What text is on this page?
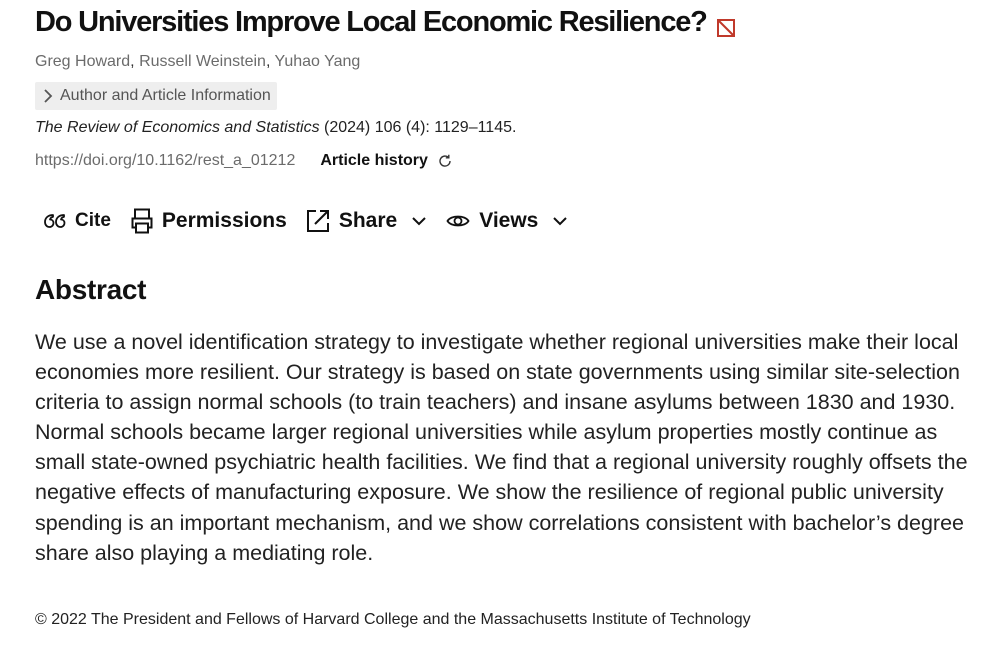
Do Universities Improve Local Economic Resilience?
Greg Howard, Russell Weinstein, Yuhao Yang
Author and Article Information
The Review of Economics and Statistics (2024) 106 (4): 1129–1145.
https://doi.org/10.1162/rest_a_01212 Article history
Cite Permissions Share	Views
Abstract
We use a novel identification strategy to investigate whether regional universities make their local economies more resilient. Our strategy is based on state governments using similar site-selection criteria to assign normal schools (to train teachers) and insane asylums between 1830 and 1930. Normal schools became larger regional universities while asylum properties mostly continue as small state-owned psychiatric health facilities. We find that a regional university roughly offsets the negative effects of manufacturing exposure. We show the resilience of regional public university spending is an important mechanism, and we show correlations consistent with bachelor’s degree share also playing a mediating role.
© 2022 The President and Fellows of Harvard College and the Massachusetts Institute of Technology
